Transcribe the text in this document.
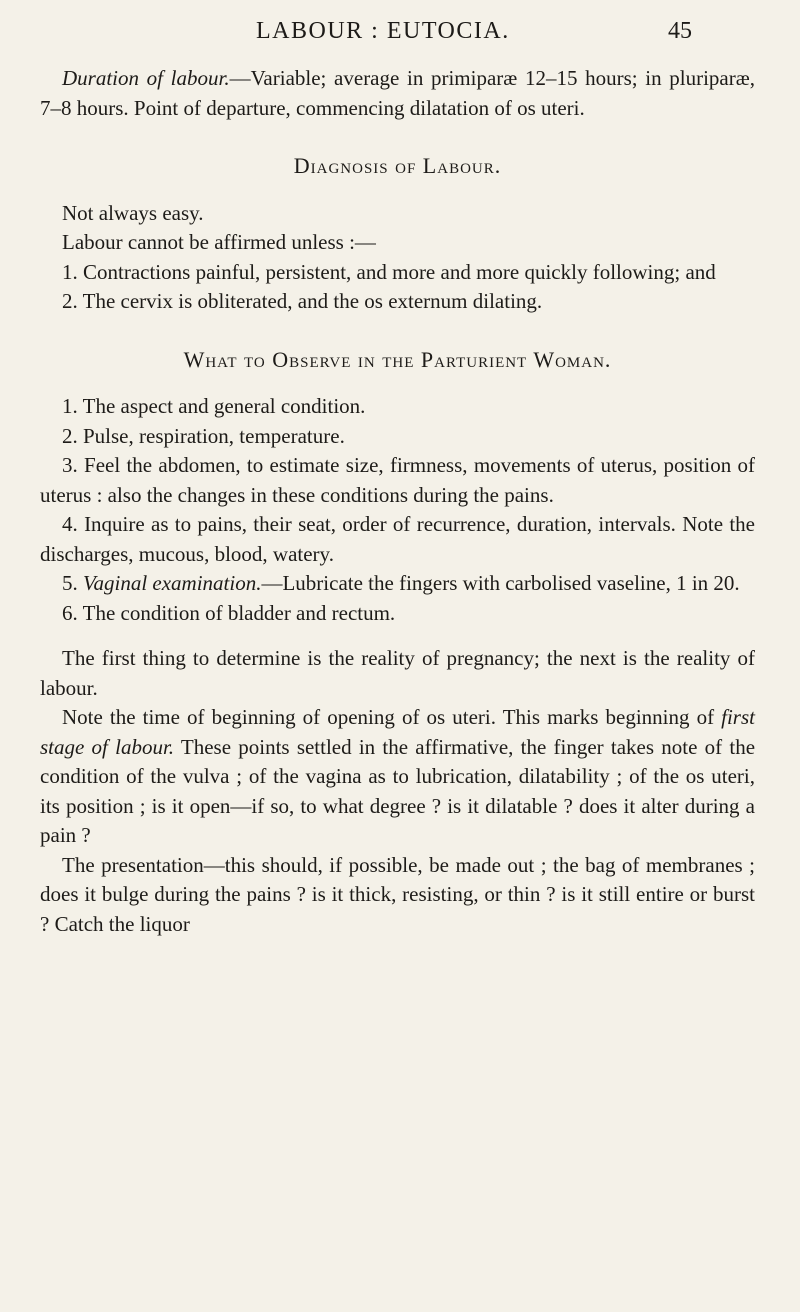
LABOUR : EUTOCIA.	45

Duration of labour.—Variable; average in primiparæ 12–15 hours; in pluriparæ, 7–8 hours. Point of departure, commencing dilatation of os uteri.

Diagnosis of Labour.

Not always easy.

Labour cannot be affirmed unless :—

1. Contractions painful, persistent, and more and more quickly following; and

2. The cervix is obliterated, and the os externum dilating.

What to Observe in the Parturient Woman.

1. The aspect and general condition.

2. Pulse, respiration, temperature.

3. Feel the abdomen, to estimate size, firmness, movements of uterus, position of uterus : also the changes in these conditions during the pains.

4. Inquire as to pains, their seat, order of recurrence, duration, intervals. Note the discharges, mucous, blood, watery.

5. Vaginal examination.—Lubricate the fingers with carbolised vaseline, 1 in 20.

6. The condition of bladder and rectum.

The first thing to determine is the reality of pregnancy; the next is the reality of labour.

Note the time of beginning of opening of os uteri. This marks beginning of first stage of labour. These points settled in the affirmative, the finger takes note of the condition of the vulva ; of the vagina as to lubrication, dilatability ; of the os uteri, its position ; is it open—if so, to what degree ? is it dilatable ? does it alter during a pain ?

The presentation—this should, if possible, be made out ; the bag of membranes ; does it bulge during the pains ? is it thick, resisting, or thin ? is it still entire or burst ? Catch the liquor
